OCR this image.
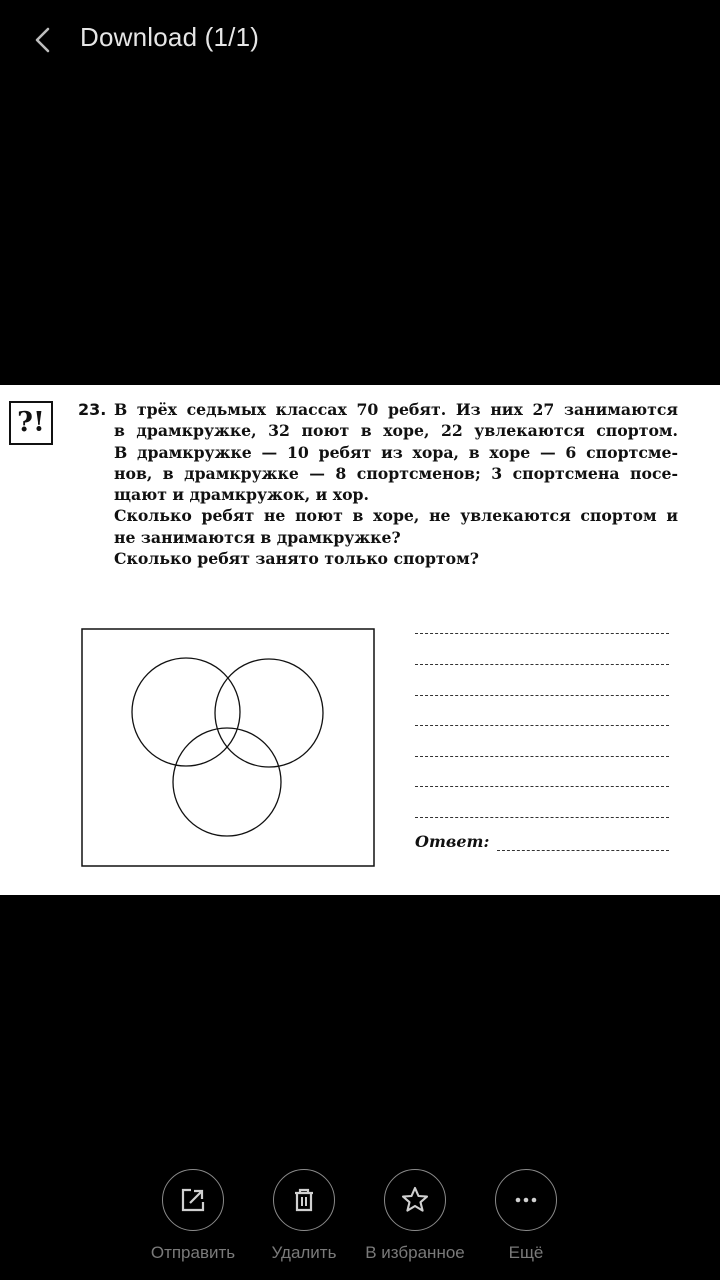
Download (1/1)
?!	23. В трёх седьмых классах 70 ребят. Из них 27 занимаются
в драмкружке, 32 поют в хоре, 22 увлекаются спортом.
В драмкружке — 10 ребят из хора, в хоре — 6 спортсме-
нов, в драмкружке — 8 спортсменов; 3 спортсмена посе-
щают и драмкружок, и хор.
Сколько ребят не поют в хоре, не увлекаются спортом и
не занимаются в драмкружке?
Сколько ребят занято только спортом?
Ответ:
Отправить	Удалить	В избранное	Ещё
